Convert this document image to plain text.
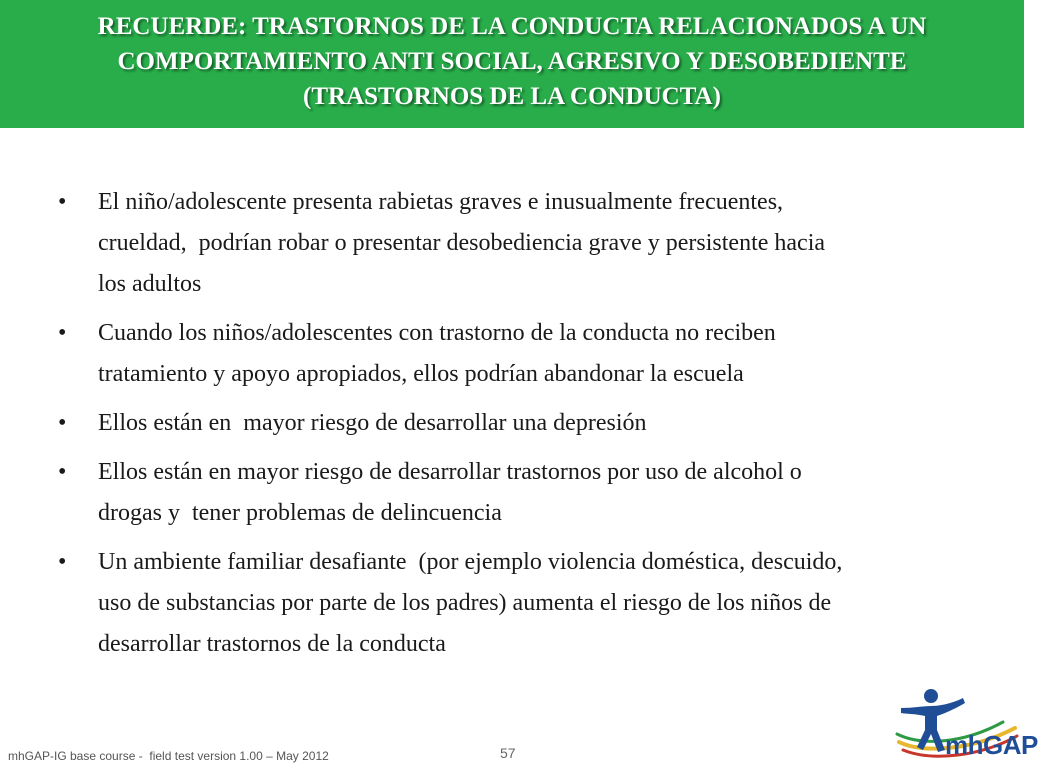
RECUERDE: TRASTORNOS DE LA CONDUCTA RELACIONADOS A UN
COMPORTAMIENTO ANTI SOCIAL, AGRESIVO Y DESOBEDIENTE
(TRASTORNOS DE LA CONDUCTA)
• El niño/adolescente presenta rabietas graves e inusualmente frecuentes,
crueldad,  podrían robar o presentar desobediencia grave y persistente hacia
los adultos
• Cuando los niños/adolescentes con trastorno de la conducta no reciben
tratamiento y apoyo apropiados, ellos podrían abandonar la escuela
• Ellos están en  mayor riesgo de desarrollar una depresión
• Ellos están en mayor riesgo de desarrollar trastornos por uso de alcohol o
drogas y  tener problemas de delincuencia
• Un ambiente familiar desafiante  (por ejemplo violencia doméstica, descuido,
uso de substancias por parte de los padres) aumenta el riesgo de los niños de
desarrollar trastornos de la conducta
mhGAP-IG base course -  field test version 1.00 – May 2012	57	mhGAP
